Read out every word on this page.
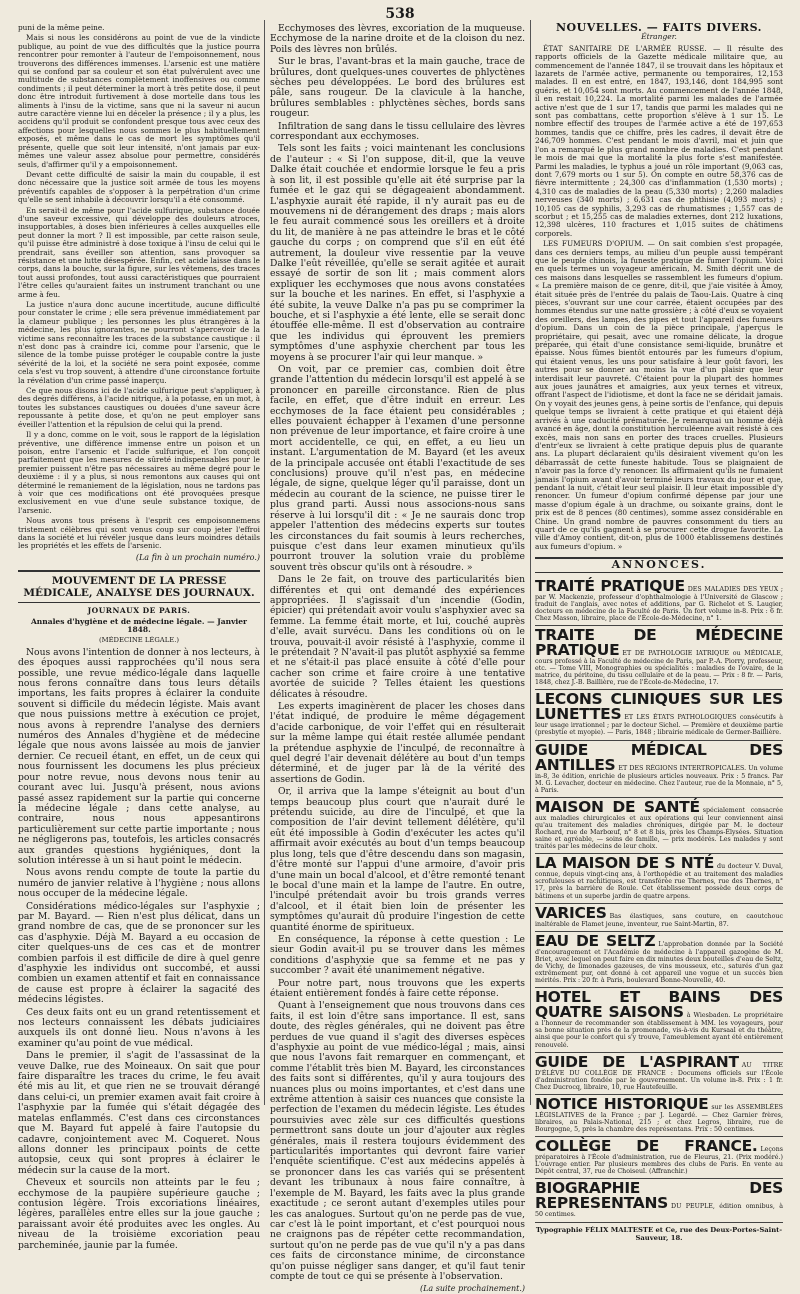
538

puni de la même peine.

Mais si nous les considérons au point de vue de la vindicte publique, au point de vue des difficultés que la justice pourra rencontrer pour remonter à l'auteur de l'empoisonnement, nous trouverons des différences immenses. L'arsenic est une matière qui se confond par sa couleur et son état pulvérulent avec une multitude de substances complètement inoffensives ou comme condiments ; il peut déterminer la mort à très petite dose, il peut donc être introduit furtivement à dose mortelle dans tous les aliments à l'insu de la victime, sans que ni la saveur ni aucun autre caractère vienne lui en déceler la présence ; il y a plus, les accidens qu'il produit se confondent presque tous avec ceux des affections pour lesquelles nous sommes le plus habituellement exposés, et même dans le cas de mort les symptômes qu'il présente, quelle que soit leur intensité, n'ont jamais par eux-mêmes une valeur assez absolue pour permettre, considérés seuls, d'affirmer qu'il y a empoisonnement.

Devant cette difficulté de saisir la main du coupable, il est donc nécessaire que la justice soit armée de tous les moyens préventifs capables de s'opposer à la perpétration d'un crime qu'elle se sent inhabile à découvrir lorsqu'il a été consommé.

En serait-il de même pour l'acide sulfurique, substance douée d'une saveur excessive, qui développe des douleurs atroces, insupportables, à doses bien inférieures à celles auxquelles elle peut donner la mort ? Il est impossible, par cette raison seule, qu'il puisse être administré à dose toxique à l'insu de celui qui le prendrait, sans éveiller son attention, sans provoquer sa résistance et une lutte désespérée. Enfin, cet acide laisse dans le corps, dans la bouche, sur la figure, sur les vêtemens, des traces tout aussi profondes, tout aussi caractéristiques que pourraient l'être celles qu'auraient faites un instrument tranchant ou une arme à feu.

La justice n'aura donc aucune incertitude, aucune difficulté pour constater le crime ; elle sera prévenue immédiatement par la clameur publique ; les personnes les plus étrangères à la médecine, les plus ignorantes, ne pourront s'apercevoir de la victime sans reconnaître les traces de la substance caustique : il n'est donc pas à craindre ici, comme pour l'arsenic, que le silence de la tombe puisse protéger le coupable contre la juste sévérité de la loi, et la société ne sera point exposée, comme cela s'est vu trop souvent, à attendre d'une circonstance fortuite la révélation d'un crime passé inaperçu.

Ce que nous disons ici de l'acide sulfurique peut s'appliquer, à des degrés différens, à l'acide nitrique, à la potasse, en un mot, à toutes les substances caustiques ou douées d'une saveur âcre repoussante à petite dose, et qu'on ne peut employer sans éveiller l'attention et la répulsion de celui qui la prend.

Il y a donc, comme on le voit, sous le rapport de la législation préventive, une différence immense entre un poison et un poison, entre l'arsenic et l'acide sulfurique, et l'on conçoit parfaitement que les mesures de sûreté indispensables pour le premier puissent n'être pas nécessaires au même degré pour le deuxième : il y a plus, si nous remontons aux causes qui ont déterminé le remaniement de la législation, nous ne tardons pas à voir que ces modifications ont été provoquées presque exclusivement en vue d'une seule substance toxique, de l'arsenic.

Nous avons tous présens à l'esprit ces empoisonnemens tristement célèbres qui sont venus coup sur coup jeter l'effroi dans la société et lui révéler jusque dans leurs moindres détails les propriétés et les effets de l'arsenic.

(La fin à un prochain numéro.)
MOUVEMENT DE LA PRESSE MÉDICALE, ANALYSE DES JOURNAUX.
JOURNAUX DE PARIS.
Annales d'hygiène et de médecine légale. — Janvier 1848.
(MÉDECINE LÉGALE.)

Nous avons l'intention de donner à nos lecteurs, à des époques aussi rapprochées qu'il nous sera possible, une revue médico-légale dans laquelle nous ferons connaître dans tous leurs détails importans, les faits propres à éclairer la conduite souvent si difficile du médecin légiste. Mais avant que nous puissions mettre à exécution ce projet, nous avons à reprendre l'analyse des derniers numéros des Annales d'hygiène et de médecine légale que nous avons laissée au mois de janvier dernier. Ce recueil étant, en effet, un de ceux qui nous fournissent les documens les plus précieux pour notre revue, nous devons nous tenir au courant avec lui. Jusqu'à présent, nous avions passé assez rapidement sur la partie qui concerne la médecine légale ; dans cette analyse, au contraire, nous nous appesantirons particulièrement sur cette partie importante ; nous ne négligerons pas, toutefois, les articles consacrés aux grandes questions hygiéniques, dont la solution intéresse à un si haut point le médecin.

Nous avons rendu compte de toute la partie du numéro de janvier relative à l'hygiène ; nous allons nous occuper de la médecine légale.

Considérations médico-légales sur l'asphyxie ; par M. Bayard. — Rien n'est plus délicat, dans un grand nombre de cas, que de se prononcer sur les cas d'asphyxie. Déjà M. Bayard a eu occasion de citer quelques-uns de ces cas et de montrer combien parfois il est difficile de dire à quel genre d'asphyxie les individus ont succombé, et aussi combien un examen attentif et fait en connaissance de cause est propre à éclairer la sagacité des médecins légistes.

Ces deux faits ont eu un grand retentissement et nos lecteurs connaissent les débats judiciaires auxquels ils ont donné lieu. Nous n'avons à les examiner qu'au point de vue médical.

Dans le premier, il s'agit de l'assassinat de la veuve Dalke, rue des Moineaux. On sait que pour faire disparaître les traces du crime, le feu avait été mis au lit, et que rien ne se trouvait dérangé dans celui-ci, un premier examen avait fait croire à l'asphyxie par la fumée qui s'était dégagée des matelas enflammés. C'est dans ces circonstances que M. Bayard fut appelé à faire l'autopsie du cadavre, conjointement avec M. Coqueret. Nous allons donner les principaux points de cette autopsie, ceux qui sont propres à éclairer le médecin sur la cause de la mort.

Cheveux et sourcils non atteints par le feu ; ecchymose de la paupière supérieure gauche ; contusion légère. Trois excoriations linéaires, légères, parallèles entre elles sur la joue gauche ; paraissant avoir été produites avec les ongles. Au niveau de la troisième excoriation peau parcheminée, jaunie par la fumée.

Ecchymoses des lèvres, excoriation de la muqueuse. Ecchymose de la narine droite et de la cloison du nez. Poils des lèvres non brûlés.

Sur le bras, l'avant-bras et la main gauche, trace de brûlures, dont quelques-unes couvertes de phlyctènes sèches peu développées. Le bord des brûlures est pâle, sans rougeur. De la clavicule à la hanche, brûlures semblables : phlyctènes sèches, bords sans rougeur.

Infiltration de sang dans le tissu cellulaire des lèvres correspondant aux ecchymoses.

Tels sont les faits ; voici maintenant les conclusions de l'auteur : « Si l'on suppose, dit-il, que la veuve Dalke était couchée et endormie lorsque le feu a pris à son lit, il est possible qu'elle ait été surprise par la fumée et le gaz qui se dégageaient abondamment. L'asphyxie aurait été rapide, il n'y aurait pas eu de mouvemens ni de dérangement des draps ; mais alors le feu aurait commencé sous les oreillers et à droite du lit, de manière à ne pas atteindre le bras et le côté gauche du corps ; on comprend que s'il en eût été autrement, la douleur vive ressentie par la veuve Dalke l'eût réveillée, qu'elle se serait agitée et aurait essayé de sortir de son lit ; mais comment alors expliquer les ecchymoses que nous avons constatées sur la bouche et les narines. En effet, si l'asphyxie a été subite, la veuve Dalke n'a pas pu se comprimer la bouche, et si l'asphyxie a été lente, elle se serait donc étouffée elle-même. Il est d'observation au contraire que les individus qui éprouvent les premiers symptômes d'une asphyxie cherchent par tous les moyens à se procurer l'air qui leur manque. »

On voit, par ce premier cas, combien doit être grande l'attention du médecin lorsqu'il est appelé à se prononcer en pareille circonstance. Rien de plus facile, en effet, que d'être induit en erreur. Les ecchymoses de la face étaient peu considérables ; elles pouvaient échapper à l'examen d'une personne non prévenue de leur importance, et faire croire à une mort accidentelle, ce qui, en effet, a eu lieu un instant. L'argumentation de M. Bayard (et les aveux de la principale accusée ont établi l'exactitude de ses conclusions) prouve qu'il n'est pas, en médecine légale, de signe, quelque léger qu'il paraisse, dont un médecin au courant de la science, ne puisse tirer le plus grand parti. Aussi nous associons-nous sans réserve à lui lorsqu'il dit : « Je ne saurais donc trop appeler l'attention des médecins experts sur toutes les circonstances du fait soumis à leurs recherches, puisque c'est dans leur examen minutieux qu'ils pourront trouver la solution vraie du problème souvent très obscur qu'ils ont à résoudre. »

Dans le 2e fait, on trouve des particularités bien différentes et qui ont demandé des expériences appropriées. Il s'agissait d'un incendie (Godin, épicier) qui prétendait avoir voulu s'asphyxier avec sa femme. La femme était morte, et lui, couché auprès d'elle, avait survécu. Dans les conditions où on le trouva, pouvait-il avoir résisté à l'asphyxie, comme il le prétendait ? N'avait-il pas plutôt asphyxié sa femme et ne s'était-il pas placé ensuite à côté d'elle pour cacher son crime et faire croire à une tentative avortée de suicide ? Telles étaient les questions délicates à résoudre.

Les experts imaginèrent de placer les choses dans l'état indiqué, de produire le même dégagement d'acide carbonique, de voir l'effet qui en résulterait sur la même lampe qui était restée allumée pendant la prétendue asphyxie de l'inculpé, de reconnaître à quel degré l'air devenait délétère au bout d'un temps déterminé, et de juger par là de la vérité des assertions de Godin.

Or, il arriva que la lampe s'éteignit au bout d'un temps beaucoup plus court que n'aurait duré le prétendu suicide, au dire de l'inculpé, et que la composition de l'air devint tellement délétère, qu'il eût été impossible à Godin d'exécuter les actes qu'il affirmait avoir exécutés au bout d'un temps beaucoup plus long, tels que d'être descendu dans son magasin, d'être monté sur l'appui d'une armoire, d'avoir pris d'une main un bocal d'alcool, et d'être remonté tenant le bocal d'une main et la lampe de l'autre. En outre, l'inculpé prétendait avoir bu trois grands verres d'alcool, et il était bien loin de présenter les symptômes qu'aurait dû produire l'ingestion de cette quantité énorme de spiritueux.

En conséquence, la réponse à cette question : Le sieur Godin avait-il pu se trouver dans les mêmes conditions d'asphyxie que sa femme et ne pas y succomber ? avait été unanimement négative.

Pour notre part, nous trouvons que les experts étaient entièrement fondés à faire cette réponse.

Quant à l'enseignement que nous trouvons dans ces faits, il est loin d'être sans importance. Il est, sans doute, des règles générales, qui ne doivent pas être perdues de vue quand il s'agit des diverses espèces d'asphyxie au point de vue médico-légal ; mais, ainsi que nous l'avons fait remarquer en commençant, et comme l'établit très bien M. Bayard, les circonstances des faits sont si différentes, qu'il y aura toujours des nuances plus ou moins importantes, et c'est dans une extrême attention à saisir ces nuances que consiste la perfection de l'examen du médecin légiste. Les études poursuivies avec zèle sur ces difficultés questions permettront sans doute un jour d'ajouter aux règles générales, mais il restera toujours évidemment des particularités importantes qui devront faire varier l'enquête scientifique. C'est aux médecins appelés à se prononcer dans les cas variés qui se présentent devant les tribunaux à nous faire connaître, à l'exemple de M. Bayard, les faits avec la plus grande exactitude ; ce seront autant d'exemples utiles pour les cas analogues. Surtout qu'on ne perde pas de vue, car c'est là le point important, et c'est pourquoi nous ne craignons pas de répéter cette recommandation, surtout qu'on ne perde pas de vue qu'il n'y a pas dans ces faits de circonstance minime, de circonstance qu'on puisse négliger sans danger, et qu'il faut tenir compte de tout ce qui se présente à l'observation.

(La suite prochainement.)
NOUVELLES. — FAITS DIVERS.
Étranger.

ÉTAT SANITAIRE DE L'ARMÉE RUSSE. — Il résulte des rapports officiels de la Gazette médicale militaire que, au commencement de l'année 1847, il se trouvait dans les hôpitaux et lazarets de l'armée active, permanente ou temporaires, 12,153 malades. Il en est entré, en 1847, 193,146, dont 184,995 sont guéris, et 10,054 sont morts. Au commencement de l'année 1848, il en restait 10,224. La mortalité parmi les malades de l'armée active n'est que de 1 sur 17, tandis que parmi les malades qui ne sont pas combattans, cette proportion s'élève à 1 sur 15. Le nombre effectif des troupes de l'armée active a été de 197,653 hommes, tandis que ce chiffre, près les cadres, il devait être de 246,709 hommes. C'est pendant le mois d'avril, mai et juin que l'on a remarqué le plus grand nombre de maladies. C'est pendant le mois de mai que la mortalité la plus forte s'est manifestée. Parmi les maladies, le typhus a joué un rôle important (9,063 cas, dont 7,679 morts ou 1 sur 5). On compte en outre 58,376 cas de fièvre intermittente ; 24,300 cas d'inflammation (1,530 morts) ; 4,310 cas de maladies de la peau (5,330 morts) ; 2,260 maladies nerveuses (340 morts) ; 6,631 cas de phthisie (4,093 morts) ; 10,105 cas de syphilis, 3,293 cas de rhumatismes ; 1,557 cas de scorbut ; et 15,255 cas de maladies externes, dont 212 luxations, 12,398 ulcères, 110 fractures et 1,015 suites de châtimens corporels.

LES FUMEURS D'OPIUM. — On sait combien s'est propagée, dans ces derniers temps, au milieu d'un peuple aussi tempérant que le peuple chinois, la funeste pratique de fumer l'opium. Voici en quels termes un voyageur américain, M. Smith décrit une de ces maisons dans lesquelles se rassemblent les fumeurs d'opium. « La première maison de ce genre, dit-il, que j'aie visitée à Amoy, était située près de l'entrée du palais de Taou-Lais. Quatre à cinq pièces, s'ouvrant sur une cour carrée, étaient occupées par des hommes étendus sur une natte grossière ; à côté d'eux se voyaient des oreillers, des lampes, des pipes et tout l'appareil des fumeurs d'opium. Dans un coin de la pièce principale, j'aperçus le propriétaire, qui pesait, avec une romaine délicate, la drogue préparée, qui était d'une consistance semi-liquide, brunâtre et épaisse. Nous fûmes bientôt entourés par les fumeurs d'opium, qui étaient venus, les uns pour satisfaire à leur goût favori, les autres pour se donner au moins la vue d'un plaisir que leur interdisait leur pauvreté. C'étaient pour la plupart des hommes aux joues jaunâtres et amaigries, aux yeux ternes et vitreux, offrant l'aspect de l'idiotisme, et dont la face ne se déridait jamais. On y voyait des jeunes gens, à peine sortis de l'enfance, qui depuis quelque temps se livraient à cette pratique et qui étaient déjà arrivés à une caducité prématurée. Je remarquai un homme déjà avancé en âge, dont la constitution herculéenne avait résisté à ces excès, mais non sans en porter des traces cruelles. Plusieurs d'entr'eux se livraient à cette pratique depuis plus de quarante ans. La plupart déclaraient qu'ils désiraient vivement qu'on les débarrassât de cette funeste habitude. Tous se plaignaient de n'avoir pas la force d'y renoncer. Ils affirmaient qu'ils ne fumaient jamais l'opium avant d'avoir terminé leurs travaux du jour et que, pendant la nuit, c'était leur seul plaisir. Il leur était impossible d'y renoncer. Un fumeur d'opium confirmé dépense par jour une masse d'opium égale à un drachme, ou soixante grains, dont le prix est de 8 pences (80 centimes), somme assez considérable en Chine. Un grand nombre de pauvres consomment du tiers au quart de ce qu'ils gagnent à se procurer cette drogue favorite. La ville d'Amoy contient, dit-on, plus de 1000 établissemens destinés aux fumeurs d'opium. »

ANNONCES.

TRAITÉ PRATIQUE DES MALADIES DES YEUX ; par W. Mackenzie, professeur d'ophthalmologie à l'Université de Glascow ; traduit de l'anglais, avec notes et additions, par G. Richelot et S. Laugier, docteurs en médecine de la Faculté de Paris. Un fort volume in-8. Prix : 6 fr. Chez Masson, libraire, place de l'École-de-Médecine, n° 1.

TRAITE DE MÉDECINE PRATIQUE ET DE PATHOLOGIE IATRIQUE ou MÉDICALE, cours professé à la Faculté de médecine de Paris, par P.-A. Piorry, professeur, etc. — Tome VIII, Monographies ou spécialités : maladies de l'ovaire, de la matrice, du péritoine, du tissu cellulaire et de la peau. — Prix : 8 fr. — Paris, 1848, chez J.-B. Baillière, rue de l'École-de-Médecine, 17.

LECONS CLINIQUES SUR LES LUNETTES ET LES ÉTATS PATHOLOGIQUES consécutifs à leur usage irrationnel ; par le docteur Sichel. — Première et deuxième partie (presbytie et myopie). — Paris, 1848 ; librairie médicale de Germer-Baillière.

GUIDE MÉDICAL DES ANTILLES ET DES RÉGIONS INTERTROPICALES. Un volume in-8, 3e édition, enrichie de plusieurs articles nouveaux. Prix : 5 francs. Par M. G. Levacher, docteur en médecine. Chez l'auteur, rue de la Monnaie, n° 5, à Paris.

MAISON DE SANTÉ spécialement consacrée aux maladies chirurgicales et aux opérations qui leur conviennent ainsi qu'au traitement des maladies chroniques, dirigée par M. le docteur Rochard, rue de Marbœuf, n° 8 et 8 bis, près les Champs-Élysées. Situation saine et agréable, — soins de famille, — prix modérés. Les malades y sont traités par les médecins de leur choix.

LA MAISON DE S NTÉ du docteur V. Duval, connue, depuis vingt-cinq ans, à l'orthopédie et au traitement des maladies scrofuleuses et rachitiques, est transférée rue Thernes, rue des Thernes, n° 17, près la barrière de Roule. Cet établissement possède deux corps de bâtimens et un superbe jardin de quatre arpens.

VARICES Bas élastiques, sans couture, en caoutchouc inaltérable de Flamet jeune, inventeur, rue Saint-Martin, 87.

EAU DE SELTZ L'approbation donnée par la Société d'encouragement et l'Académie de médecine à l'appareil gazogène de M. Briet, avec lequel on peut faire en dix minutes deux bouteilles d'eau de Seltz, de Vichy, de limonades gazeuses, de vins mousseux, etc., saturés d'un gaz extrêmement pur, ont donné à cet appareil une vogue et un succès bien mérités. Prix : 20 fr. à Paris, boulevard Bonne-Nouvelle, 40.

HOTEL ET BAINS DES QUATRE SAISONS à Wiesbaden. Le propriétaire a l'honneur de recommander son établissement à MM. les voyageurs, pour sa bonne situation près de la promenade, vis-à-vis du Kursaal et du théâtre, ainsi que pour le confort qui s'y trouve, l'ameublement ayant été entièrement renouvelé.

GUIDE DE L'ASPIRANT AU TITRE D'ÉLÈVE DU COLLÈGE DE FRANCE : Documens officiels sur l'École d'administration fondée par le gouvernement. Un volume in-8. Prix : 1 fr. Chez Ducrocq, libraire, 10, rue Hautefeuille.

NOTICE HISTORIQUE sur les ASSEMBLÉES LÉGISLATIVES de la France ; par J. Legardé. — Chez Garnier frères, libraires, au Palais-National, 215 ; et chez Legros, libraire, rue de Bourgogne, 5, près la chambre des représentans. Prix : 50 centimes.

COLLÈGE DE FRANCE. Leçons préparatoires à l'École d'administration, rue de Fleurus, 21. (Prix modéré.) L'ouvrage entier. Par plusieurs membres des clubs de Paris. En vente au Dépôt central, 37, rue de Choiseul. (Affranchir.)

BIOGRAPHIE DES REPRESENTANS DU PEUPLE, édition omnibus, à 50 centimes.

Typographie FÉLIX MALTESTE et Ce, rue des Deux-Portes-Saint-Sauveur, 18.
